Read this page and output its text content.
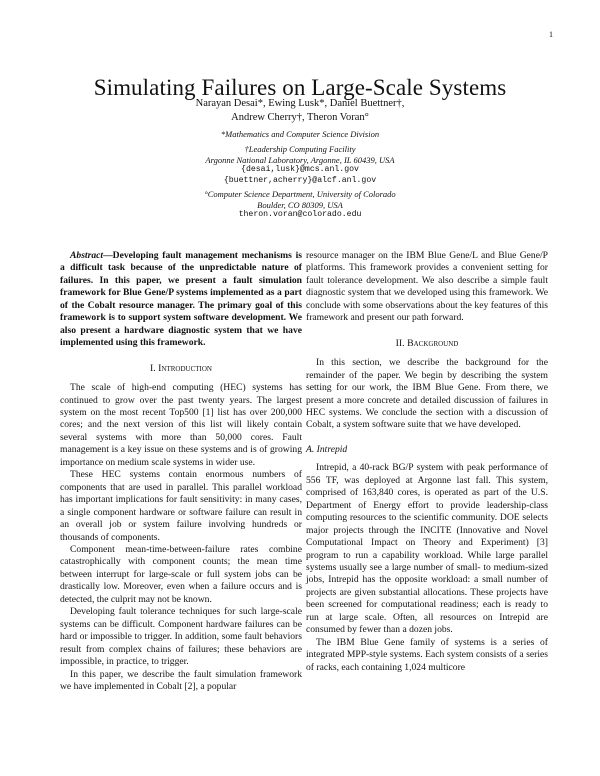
1
Simulating Failures on Large-Scale Systems
Narayan Desai*, Ewing Lusk*, Daniel Buettner†,
Andrew Cherry†, Theron Voran°
*Mathematics and Computer Science Division
†Leadership Computing Facility
Argonne National Laboratory, Argonne, IL 60439, USA
{desai,lusk}@mcs.anl.gov
{buettner,acherry}@alcf.anl.gov
°Computer Science Department, University of Colorado
Boulder, CO 80309, USA
theron.voran@colorado.edu

Abstract—Developing fault management mechanisms is a difficult task because of the unpredictable nature of failures. In this paper, we present a fault simulation framework for Blue Gene/P systems implemented as a part of the Cobalt resource manager. The primary goal of this framework is to support system software development. We also present a hardware diagnostic system that we have implemented using this framework.

I. Introduction

The scale of high-end computing (HEC) systems has continued to grow over the past twenty years. The largest system on the most recent Top500 [1] list has over 200,000 cores; and the next version of this list will likely contain several systems with more than 50,000 cores. Fault management is a key issue on these systems and is of growing importance on medium scale systems in wider use.

These HEC systems contain enormous numbers of components that are used in parallel. This parallel workload has important implications for fault sensitivity: in many cases, a single component hardware or software failure can result in an overall job or system failure involving hundreds or thousands of components.

Component mean-time-between-failure rates combine catastrophically with component counts; the mean time between interrupt for large-scale or full system jobs can be drastically low. Moreover, even when a failure occurs and is detected, the culprit may not be known.

Developing fault tolerance techniques for such large-scale systems can be difficult. Component hardware failures can be hard or impossible to trigger. In addition, some fault behaviors result from complex chains of failures; these behaviors are impossible, in practice, to trigger.

In this paper, we describe the fault simulation framework we have implemented in Cobalt [2], a popular

resource manager on the IBM Blue Gene/L and Blue Gene/P platforms. This framework provides a convenient setting for fault tolerance development. We also describe a simple fault diagnostic system that we developed using this framework. We conclude with some observations about the key features of this framework and present our path forward.

II. Background

In this section, we describe the background for the remainder of the paper. We begin by describing the system setting for our work, the IBM Blue Gene. From there, we present a more concrete and detailed discussion of failures in HEC systems. We conclude the section with a discussion of Cobalt, a system software suite that we have developed.

A. Intrepid

Intrepid, a 40-rack BG/P system with peak performance of 556 TF, was deployed at Argonne last fall. This system, comprised of 163,840 cores, is operated as part of the U.S. Department of Energy effort to provide leadership-class computing resources to the scientific community. DOE selects major projects through the INCITE (Innovative and Novel Computational Impact on Theory and Experiment) [3] program to run a capability workload. While large parallel systems usually see a large number of small- to medium-sized jobs, Intrepid has the opposite workload: a small number of projects are given substantial allocations. These projects have been screened for computational readiness; each is ready to run at large scale. Often, all resources on Intrepid are consumed by fewer than a dozen jobs.

The IBM Blue Gene family of systems is a series of integrated MPP-style systems. Each system consists of a series of racks, each containing 1,024 multicore
